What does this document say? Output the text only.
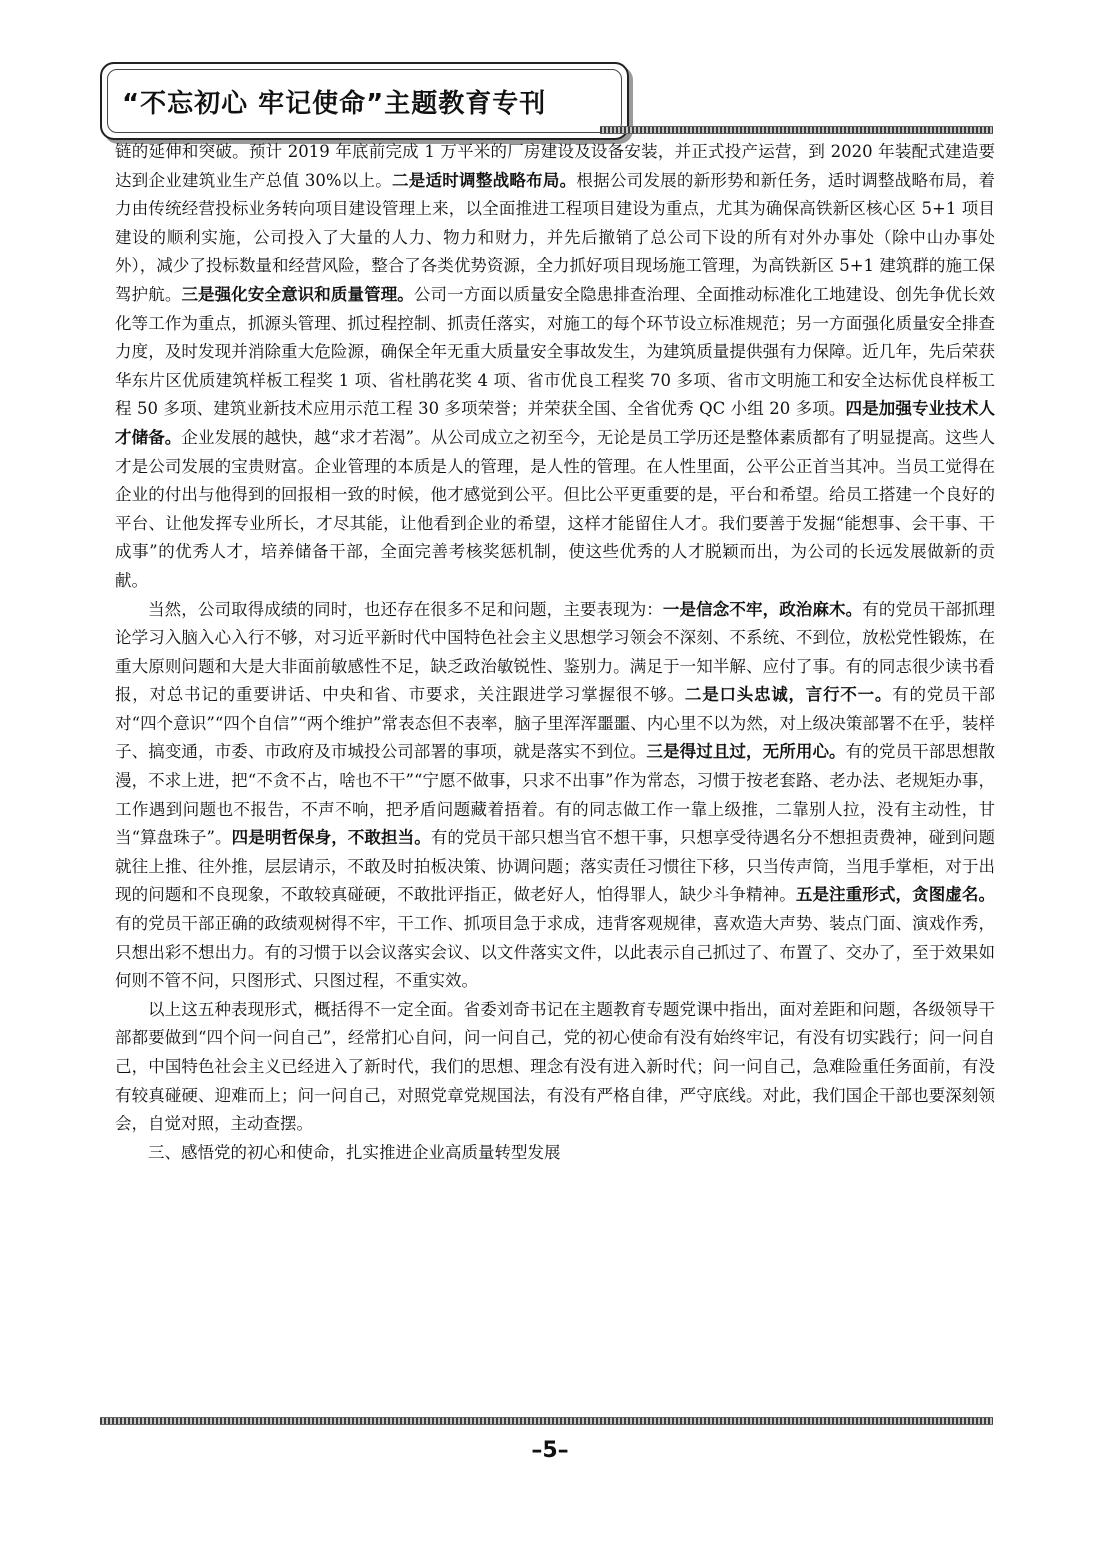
“不忘初心 牢记使命”主题教育专刊

链的延伸和突破。预计 2019 年底前完成 1 万平米的厂房建设及设备安装，并正式投产运营，到 2020 年装配式建造要达到企业建筑业生产总值 30%以上。二是适时调整战略布局。根据公司发展的新形势和新任务，适时调整战略布局，着力由传统经营投标业务转向项目建设管理上来，以全面推进工程项目建设为重点，尤其为确保高铁新区核心区 5+1 项目建设的顺利实施，公司投入了大量的人力、物力和财力，并先后撤销了总公司下设的所有对外办事处（除中山办事处外），减少了投标数量和经营风险，整合了各类优势资源，全力抓好项目现场施工管理，为高铁新区 5+1 建筑群的施工保驾护航。三是强化安全意识和质量管理。公司一方面以质量安全隐患排查治理、全面推动标准化工地建设、创先争优长效化等工作为重点，抓源头管理、抓过程控制、抓责任落实，对施工的每个环节设立标准规范；另一方面强化质量安全排查力度，及时发现并消除重大危险源，确保全年无重大质量安全事故发生，为建筑质量提供强有力保障。近几年，先后荣获华东片区优质建筑样板工程奖 1 项、省杜鹃花奖 4 项、省市优良工程奖 70 多项、省市文明施工和安全达标优良样板工程 50 多项、建筑业新技术应用示范工程 30 多项荣誉；并荣获全国、全省优秀 QC 小组 20 多项。四是加强专业技术人才储备。企业发展的越快，越“求才若渴”。从公司成立之初至今，无论是员工学历还是整体素质都有了明显提高。这些人才是公司发展的宝贵财富。企业管理的本质是人的管理，是人性的管理。在人性里面，公平公正首当其冲。当员工觉得在企业的付出与他得到的回报相一致的时候，他才感觉到公平。但比公平更重要的是，平台和希望。给员工搭建一个良好的平台、让他发挥专业所长，才尽其能，让他看到企业的希望，这样才能留住人才。我们要善于发掘“能想事、会干事、干成事”的优秀人才，培养储备干部，全面完善考核奖惩机制，使这些优秀的人才脱颖而出，为公司的长远发展做新的贡献。

当然，公司取得成绩的同时，也还存在很多不足和问题，主要表现为：一是信念不牢，政治麻木。有的党员干部抓理论学习入脑入心入行不够，对习近平新时代中国特色社会主义思想学习领会不深刻、不系统、不到位，放松党性锻炼，在重大原则问题和大是大非面前敏感性不足，缺乏政治敏锐性、鉴别力。满足于一知半解、应付了事。有的同志很少读书看报，对总书记的重要讲话、中央和省、市要求，关注跟进学习掌握很不够。二是口头忠诚，言行不一。有的党员干部对“四个意识”“四个自信”“两个维护”常表态但不表率，脑子里浑浑噩噩、内心里不以为然，对上级决策部署不在乎，装样子、搞变通，市委、市政府及市城投公司部署的事项，就是落实不到位。三是得过且过，无所用心。有的党员干部思想散漫，不求上进，把“不贪不占，啥也不干”“宁愿不做事，只求不出事”作为常态，习惯于按老套路、老办法、老规矩办事，工作遇到问题也不报告，不声不响，把矛盾问题藏着捂着。有的同志做工作一靠上级推，二靠别人拉，没有主动性，甘当“算盘珠子”。四是明哲保身，不敢担当。有的党员干部只想当官不想干事，只想享受待遇名分不想担责费神，碰到问题就往上推、往外推，层层请示，不敢及时拍板决策、协调问题；落实责任习惯往下移，只当传声筒，当甩手掌柜，对于出现的问题和不良现象，不敢较真碰硬，不敢批评指正，做老好人，怕得罪人，缺少斗争精神。五是注重形式，贪图虚名。有的党员干部正确的政绩观树得不牢，干工作、抓项目急于求成，违背客观规律，喜欢造大声势、装点门面、演戏作秀，只想出彩不想出力。有的习惯于以会议落实会议、以文件落实文件，以此表示自己抓过了、布置了、交办了，至于效果如何则不管不问，只图形式、只图过程，不重实效。

以上这五种表现形式，概括得不一定全面。省委刘奇书记在主题教育专题党课中指出，面对差距和问题，各级领导干部都要做到“四个问一问自己”，经常扪心自问，问一问自己，党的初心使命有没有始终牢记，有没有切实践行；问一问自己，中国特色社会主义已经进入了新时代，我们的思想、理念有没有进入新时代；问一问自己，急难险重任务面前，有没有较真碰硬、迎难而上；问一问自己，对照党章党规国法，有没有严格自律，严守底线。对此，我们国企干部也要深刻领会，自觉对照，主动查摆。

三、感悟党的初心和使命，扎实推进企业高质量转型发展

–5–
